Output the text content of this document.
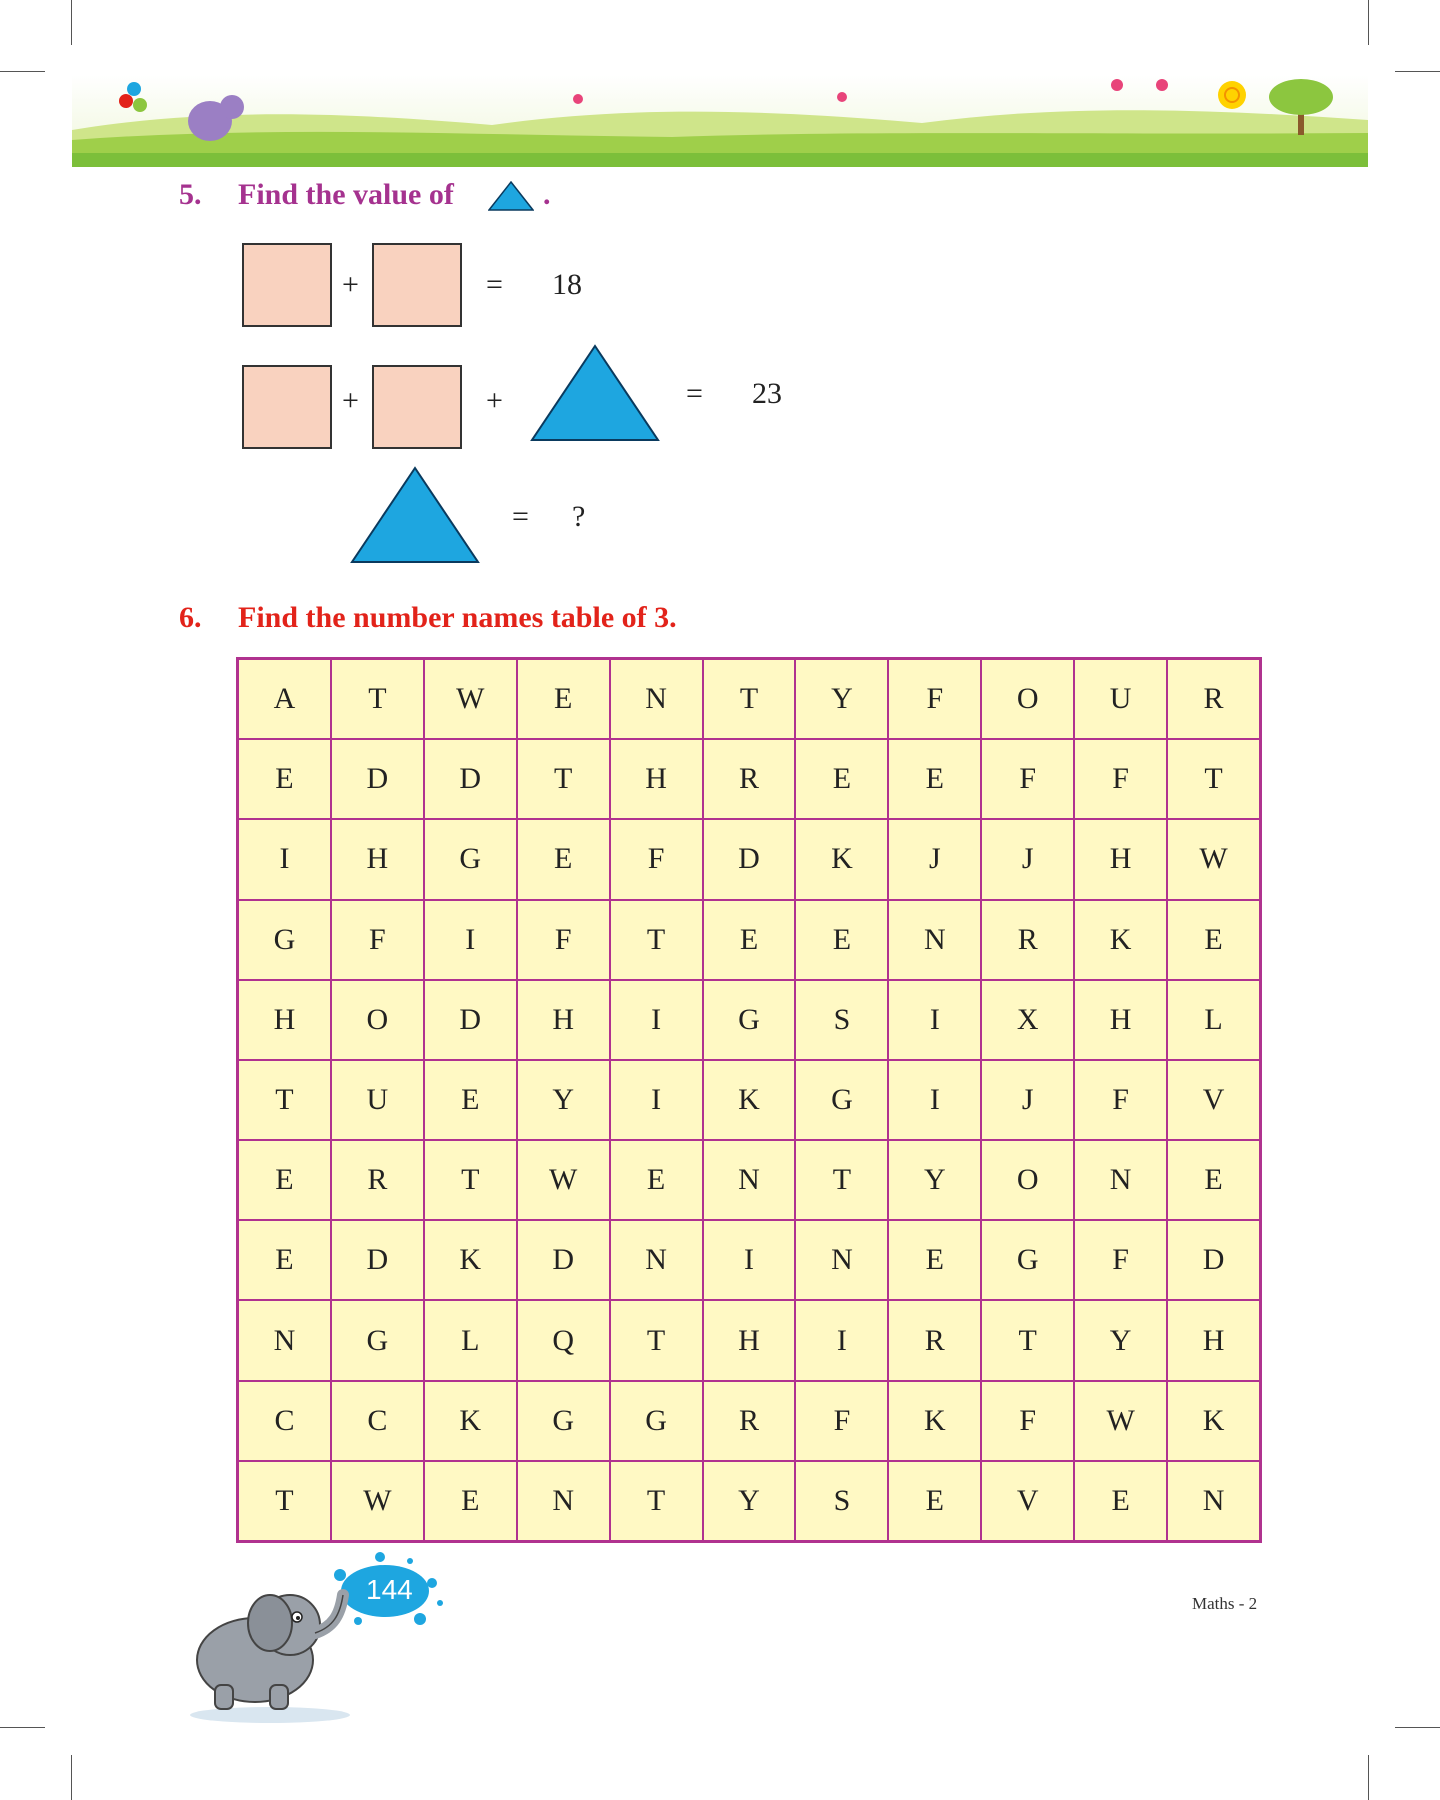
5. Find the value of	.
+	= 18
+	+	= 23
= ?
6. Find the number names table of 3.
A	T	W	E	N	T	Y	F	O	U	R
E	D	D	T	H	R	E	E	F	F	T
I	H	G	E	F	D	K	J	J	H	W
G	F	I	F	T	E	E	N	R	K	E
H	O	D	H	I	G	S	I	X	H	L
T	U	E	Y	I	K	G	I	J	F	V
E	R	T	W	E	N	T	Y	O	N	E
E	D	K	D	N	I	N	E	G	F	D
N	G	L	Q	T	H	I	R	T	Y	H
C	C	K	G	G	R	F	K	F	W	K
T	W	E	N	T	Y	S	E	V	E	N
144	Maths - 2
